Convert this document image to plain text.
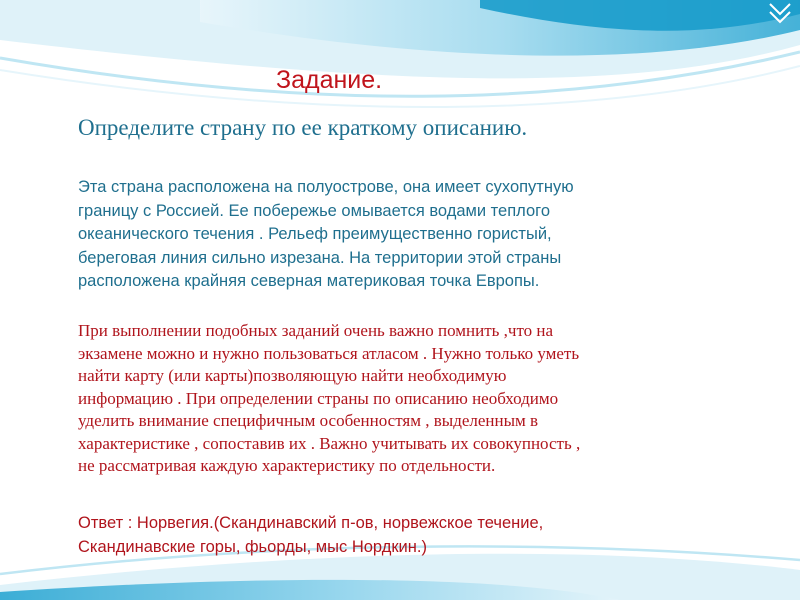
Задание.
Определите страну по ее краткому описанию.
Эта страна расположена на полуострове, она имеет сухопутную
границу с Россией. Ее побережье омывается водами теплого
океанического течения . Рельеф преимущественно гористый,
береговая линия сильно изрезана. На территории этой страны
расположена крайняя северная материковая точка Европы.
При выполнении подобных заданий очень важно помнить ,что на
экзамене можно и нужно пользоваться атласом . Нужно только уметь
найти карту (или карты)позволяющую найти необходимую
информацию . При определении страны по описанию необходимо
уделить внимание специфичным особенностям , выделенным в
характеристике , сопоставив их . Важно учитывать их совокупность ,
не рассматривая каждую характеристику по отдельности.
Ответ : Норвегия.(Скандинавский п-ов, норвежское течение,
Скандинавские горы, фьорды, мыс Нордкин.)
